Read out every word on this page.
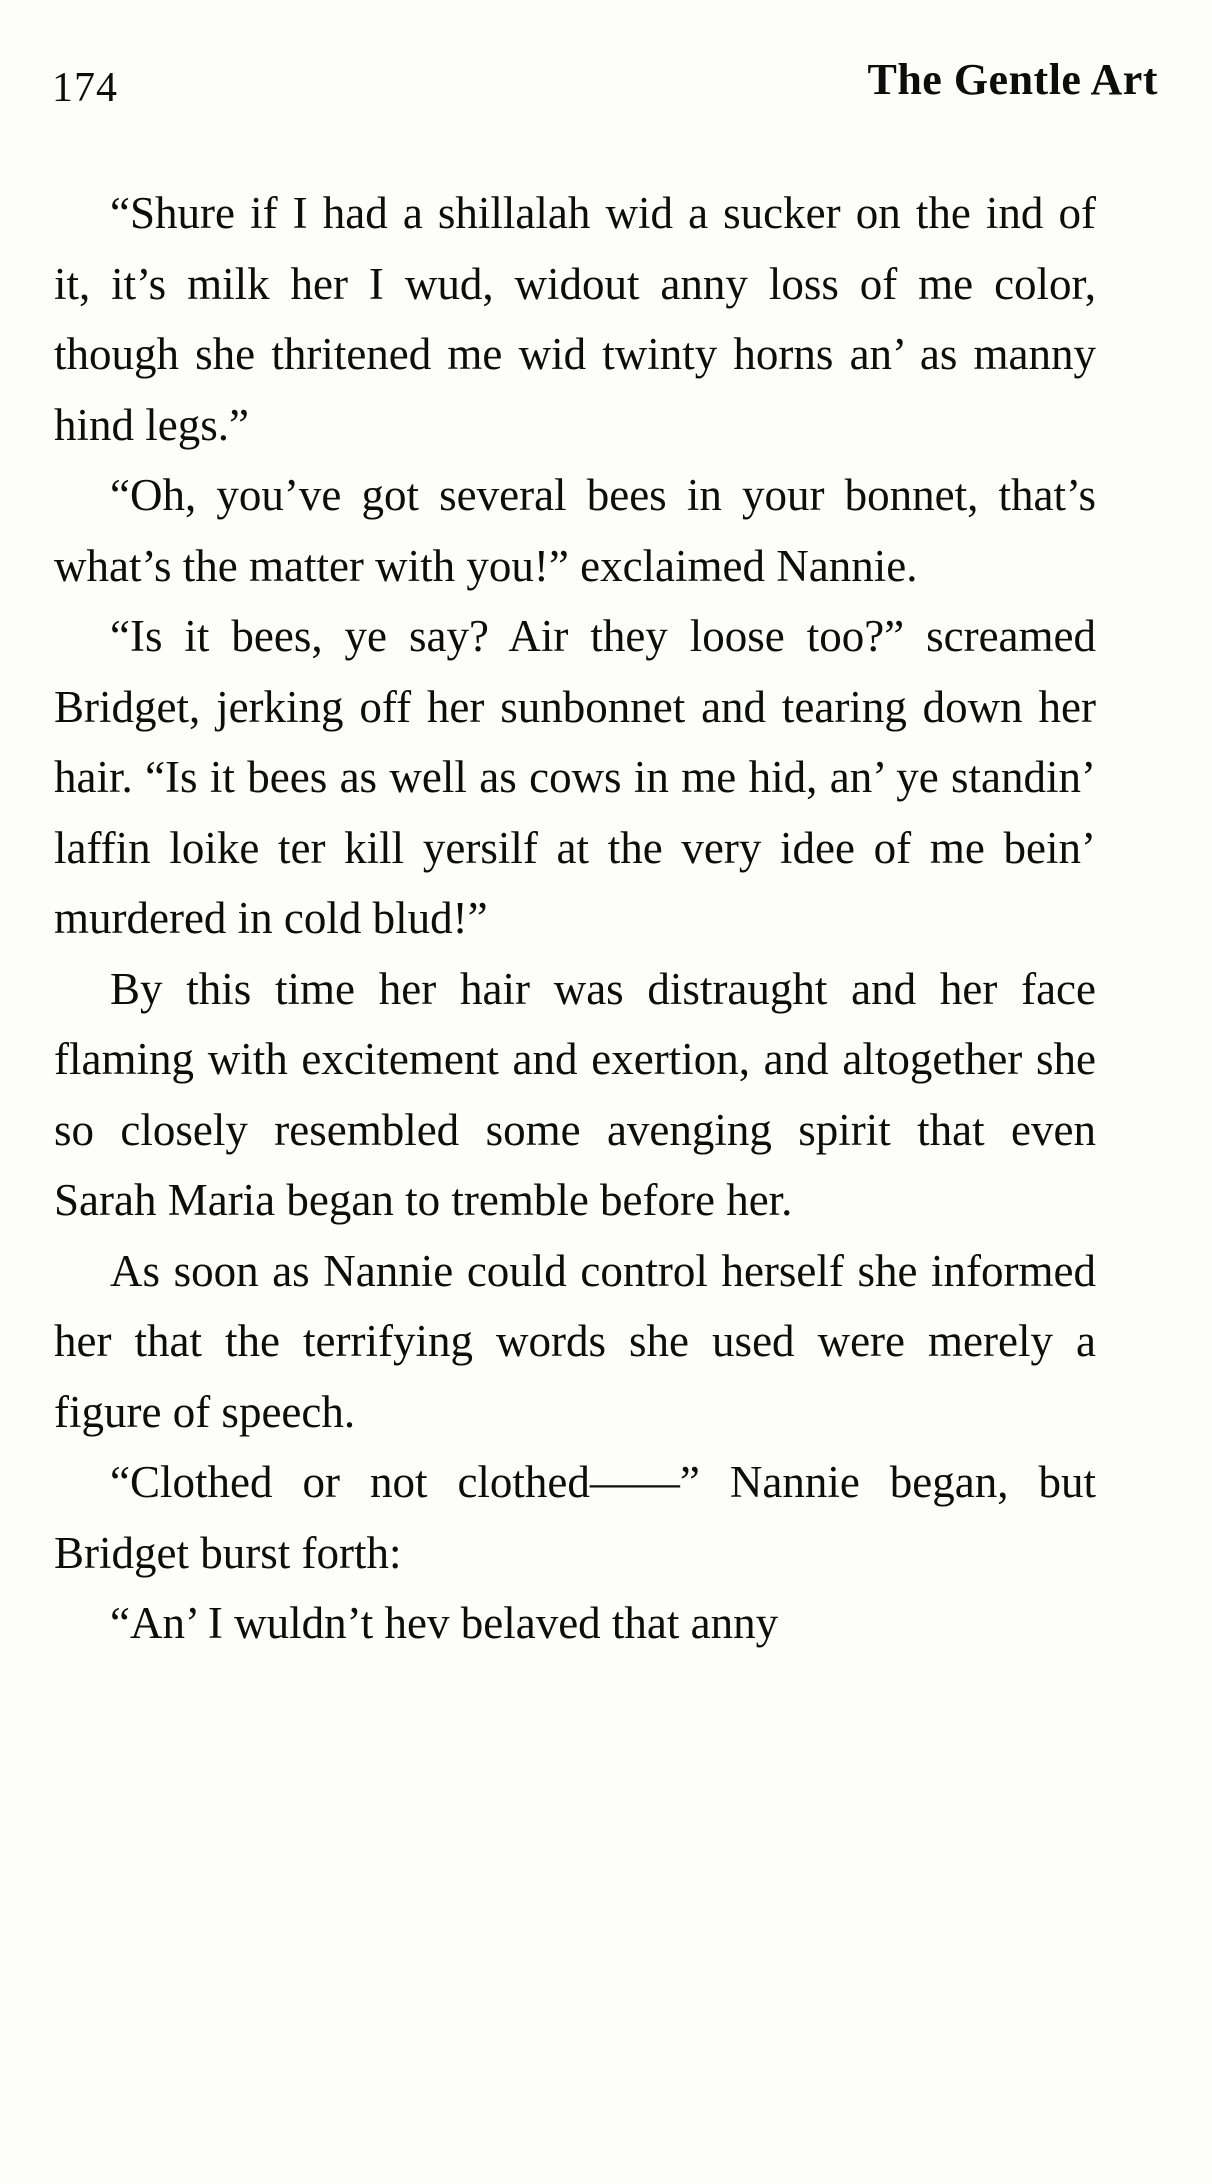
174	The Gentle Art

“Shure if I had a shillalah wid a sucker on the ind of it, it’s milk her I wud, widout anny loss of me color, though she thritened me wid twinty horns an’ as manny hind legs.”

“Oh, you’ve got several bees in your bonnet, that’s what’s the matter with you!” exclaimed Nannie.

“Is it bees, ye say? Air they loose too?” screamed Bridget, jerking off her sunbonnet and tearing down her hair. “Is it bees as well as cows in me hid, an’ ye standin’ laffin loike ter kill yersilf at the very idee of me bein’ murdered in cold blud!”

By this time her hair was distraught and her face flaming with excitement and exertion, and altogether she so closely resembled some avenging spirit that even Sarah Maria began to tremble before her.

As soon as Nannie could control herself she informed her that the terrifying words she used were merely a figure of speech.

“Clothed or not clothed——” Nannie began, but Bridget burst forth:

“An’ I wuldn’t hev belaved that anny
